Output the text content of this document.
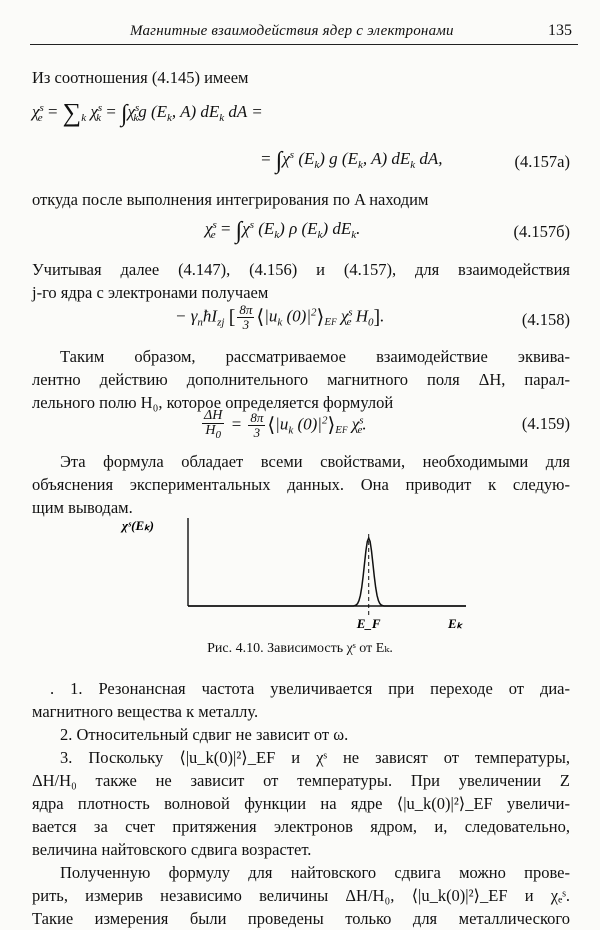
Магнитные взаимодействия ядер с электронами	135
Из соотношения (4.145) имеем
$\chi^s_e = \sum_k$ $\chi^s_k = \int\chi^s_kg$ ($E_k$, A) $dE_k$ dA =
= $\int\chi^s$ $(E_k)$ g ($E_k$, A) $dE_k$ dA,	(4.157а)
откуда после выполнения интегрирования по A находим
$\chi^s_e = \int\chi^s$ $(E_k)$ ρ $(E_k)$ $dE_k$.	(4.157б)
Учитывая далее (4.147), (4.156) и (4.157), для взаимодействия
j-го ядра с электронами получаем
− $\gamma_nħI_{zj}$ [ $\frac{8\pi}{3}$ $⟨|u_k$ $(0)|^2⟩_{EF}$ $\chi^s_e$ $H_0$].	(4.158)
Таким образом, рассматриваемое взаимодействие эквива-
лентно действию дополнительного магнитного поля ΔH, парал-
лельного полю H₀, которое определяется формулой
$\frac{\Delta H}{H_0} = \frac{8\pi}{3}$ $⟨|u_k$ $(0)|^2⟩_{EF}$ $\chi^s_e$.	(4.159)
Эта формула обладает всеми свойствами, необходимыми для
объяснения экспериментальных данных. Она приводит к следую-
щим выводам.
χˢ(Eₖ)
E_F	Eₖ
Рис. 4.10. Зависимость χˢ от Eₖ.
. 1. Резонансная частота увеличивается при переходе от диа-
магнитного вещества к металлу.
2. Относительный сдвиг не зависит от ω.
3. Поскольку ⟨|u_k(0)|²⟩_EF и χˢ не зависят от температуры,
ΔH/H₀ также не зависит от температуры. При увеличении Z
ядра плотность волновой функции на ядре ⟨|u_k(0)|²⟩_EF увеличи-
вается за счет притяжения электронов ядром, и, следовательно,
величина найтовского сдвига возрастет.
Полученную формулу для найтовского сдвига можно прове-
рить, измерив независимо величины ΔH/H₀, ⟨|u_k(0)|²⟩_EF и χₑˢ.
Такие измерения были проведены только для металлического
